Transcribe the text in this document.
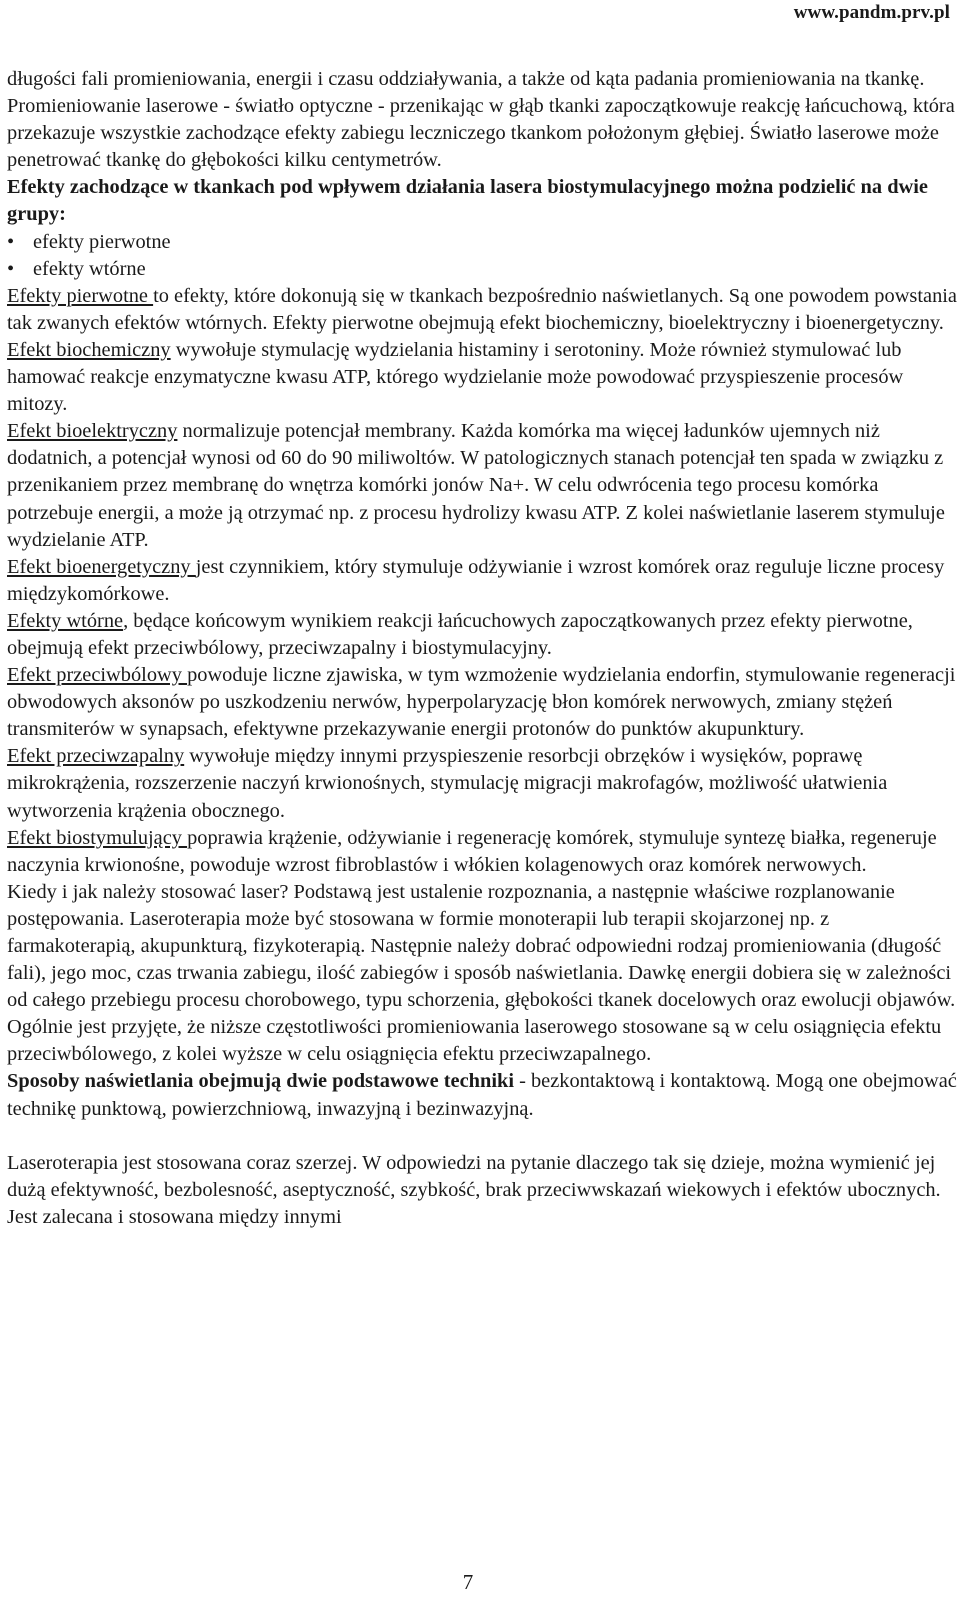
www.pandm.prv.pl

długości fali promieniowania, energii i czasu oddziaływania, a także od kąta padania promieniowania na tkankę. Promieniowanie laserowe - światło optyczne - przenikając w głąb tkanki zapoczątkowuje reakcję łańcuchową, która przekazuje wszystkie zachodzące efekty zabiegu leczniczego tkankom położonym głębiej. Światło laserowe może penetrować tkankę do głębokości kilku centymetrów.

Efekty zachodzące w tkankach pod wpływem działania lasera biostymulacyjnego można podzielić na dwie grupy:

• efekty pierwotne
• efekty wtórne

Efekty pierwotne to efekty, które dokonują się w tkankach bezpośrednio naświetlanych. Są one powodem powstania tak zwanych efektów wtórnych. Efekty pierwotne obejmują efekt biochemiczny, bioelektryczny i bioenergetyczny.

Efekt biochemiczny wywołuje stymulację wydzielania histaminy i serotoniny. Może również stymulować lub hamować reakcje enzymatyczne kwasu ATP, którego wydzielanie może powodować przyspieszenie procesów mitozy.

Efekt bioelektryczny normalizuje potencjał membrany. Każda komórka ma więcej ładunków ujemnych niż dodatnich, a potencjał wynosi od 60 do 90 miliwoltów. W patologicznych stanach potencjał ten spada w związku z przenikaniem przez membranę do wnętrza komórki jonów Na+. W celu odwrócenia tego procesu komórka potrzebuje energii, a może ją otrzymać np. z procesu hydrolizy kwasu ATP. Z kolei naświetlanie laserem stymuluje wydzielanie ATP.

Efekt bioenergetyczny jest czynnikiem, który stymuluje odżywianie i wzrost komórek oraz reguluje liczne procesy międzykomórkowe.

Efekty wtórne, będące końcowym wynikiem reakcji łańcuchowych zapoczątkowanych przez efekty pierwotne, obejmują efekt przeciwbólowy, przeciwzapalny i biostymulacyjny.

Efekt przeciwbólowy powoduje liczne zjawiska, w tym wzmożenie wydzielania endorfin, stymulowanie regeneracji obwodowych aksonów po uszkodzeniu nerwów, hyperpolaryzację błon komórek nerwowych, zmiany stężeń transmiterów w synapsach, efektywne przekazywanie energii protonów do punktów akupunktury.

Efekt przeciwzapalny wywołuje między innymi przyspieszenie resorbcji obrzęków i wysięków, poprawę mikrokrążenia, rozszerzenie naczyń krwionośnych, stymulację migracji makrofagów, możliwość ułatwienia wytworzenia krążenia obocznego.

Efekt biostymulujący poprawia krążenie, odżywianie i regenerację komórek, stymuluje syntezę białka, regeneruje naczynia krwionośne, powoduje wzrost fibroblastów i włókien kolagenowych oraz komórek nerwowych.

Kiedy i jak należy stosować laser? Podstawą jest ustalenie rozpoznania, a następnie właściwe rozplanowanie postępowania. Laseroterapia może być stosowana w formie monoterapii lub terapii skojarzonej np. z farmakoterapią, akupunkturą, fizykoterapią. Następnie należy dobrać odpowiedni rodzaj promieniowania (długość fali), jego moc, czas trwania zabiegu, ilość zabiegów i sposób naświetlania. Dawkę energii dobiera się w zależności od całego przebiegu procesu chorobowego, typu schorzenia, głębokości tkanek docelowych oraz ewolucji objawów. Ogólnie jest przyjęte, że niższe częstotliwości promieniowania laserowego stosowane są w celu osiągnięcia efektu przeciwbólowego, z kolei wyższe w celu osiągnięcia efektu przeciwzapalnego.

Sposoby naświetlania obejmują dwie podstawowe techniki - bezkontaktową i kontaktową. Mogą one obejmować technikę punktową, powierzchniową, inwazyjną i bezinwazyjną.

Laseroterapia jest stosowana coraz szerzej. W odpowiedzi na pytanie dlaczego tak się dzieje, można wymienić jej dużą efektywność, bezbolesność, aseptyczność, szybkość, brak przeciwwskazań wiekowych i efektów ubocznych. Jest zalecana i stosowana między innymi

7
